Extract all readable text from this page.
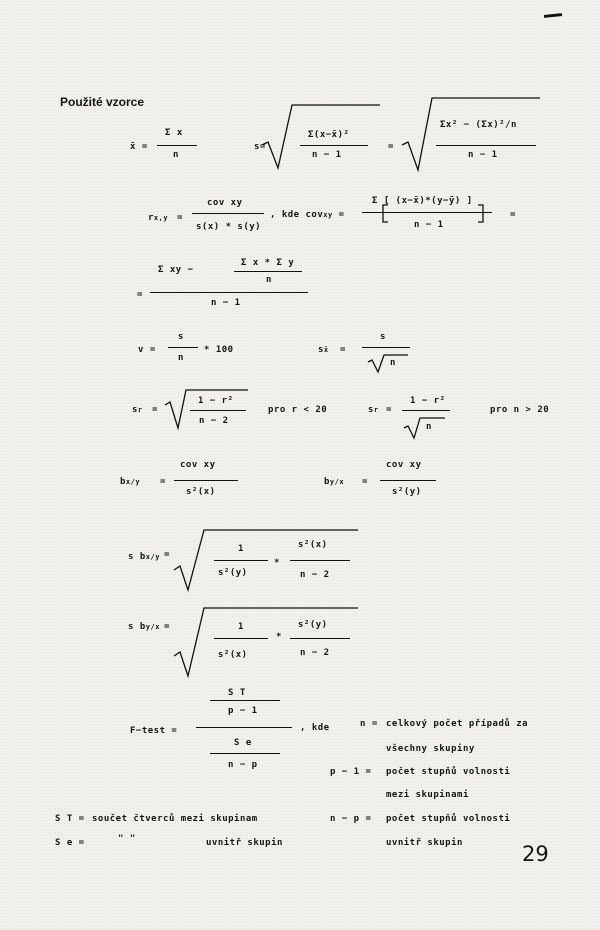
Použité vzorce
x̄ =
Σ x
n
s=
Σ(x−x̄)²
n − 1
=
Σx² − (Σx)²/n
n − 1
rx,y =
cov xy
s(x) * s(y)
, kde covxy =
Σ [ (x−x̄)*(y−ȳ) ]
n − 1
=
=
Σ xy −
Σ x * Σ y
n
n − 1
v =
s
n
* 100	sx̄ =
s
n
sr =
1 − r²
n − 2
pro r < 20	sr =
1 − r²
n
pro n > 20
bx/y =
cov xy
s²(x)
by/x =
cov xy
s²(y)
s bx/y =
1
s²(y)
*
s²(x)
n − 2
s by/x =	1
s²(x)
*
s²(y)
n − 2
F−test =
S T
p − 1
S e
n − p
, kde	n = celkový počet případů za
všechny skupiny
p − 1 = počet stupňů volnosti
mezi skupinami
n − p = počet stupňů volnosti
uvnitř skupin
S T = součet čtverců mezi skupinam
S e =	" "	uvnitř skupin	29
